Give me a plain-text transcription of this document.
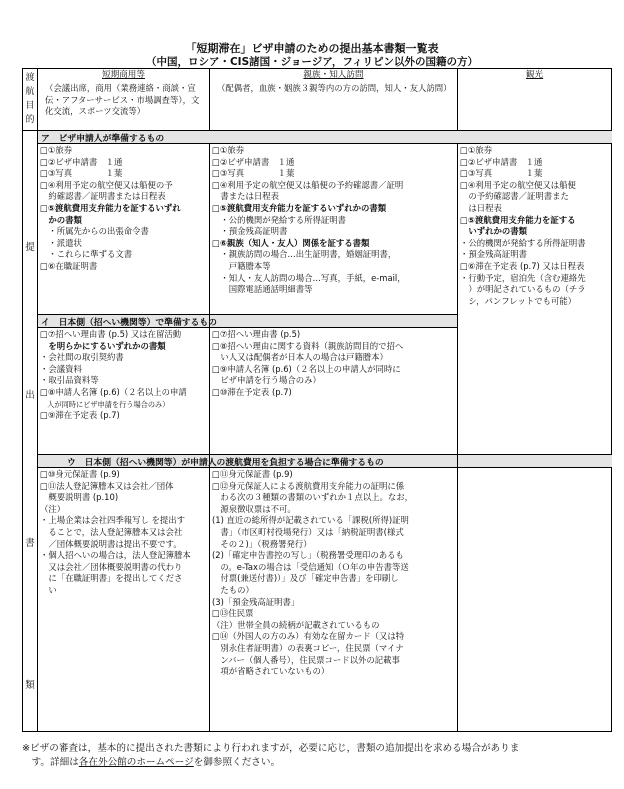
「短期滞在」ビザ申請のための提出基本書類一覧表
（中国，ロシア・CIS諸国・ジョージア，フィリピン以外の国籍の方）
渡
航
目
的
提
出
書
類
短期商用等
（会議出席，商用（業務連絡・商談・宣伝・アフターサービス・市場調査等），文化交流，スポーツ交流等）
親族・知人訪問
（配偶者，血族・姻族３親等内の方の訪問，知人・友人訪問）
観光
ア　ビザ申請人が準備するもの
イ　日本側（招へい機関等）で準備するもの
ウ　日本側（招へい機関等）が申請人の渡航費用を負担する場合に準備するもの
□①旅券
□②ビザ申請書　１通
□③写真　　　　１葉
□④利用予定の航空便又は船便の予
　約確認書／証明書または日程表
□⑤渡航費用支弁能力を証するいずれ
　かの書類
　・所属先からの出張命令書
　・派遣状
　・これらに準ずる文書
□⑥在職証明書
□①旅券
□②ビザ申請書　１通
□③写真　　　　１葉
□④利用予定の航空便又は船便の予約確認書／証明
　書または日程表
□⑤渡航費用支弁能力を証するいずれかの書類
　・公的機関が発給する所得証明書
　・預金残高証明書
□⑥親族（知人・友人）関係を証する書類
　・親族訪問の場合…出生証明書，婚姻証明書，
　　戸籍謄本等
　・知人・友人訪問の場合…写真，手紙，e-mail，
　　国際電話通話明細書等
□①旅券
□②ビザ申請書　１通
□③写真　　　　１葉
□④利用予定の航空便又は船便
　の予約確認書／証明書また
　は日程表
□⑤渡航費用支弁能力を証する
　いずれかの書類
・公的機関が発給する所得証明書
・預金残高証明書
□⑥滞在予定表 (p.7) 又は日程表
・行動予定，宿泊先（含む連絡先
　）が明記されているもの（チラ
　シ，パンフレットでも可能）
□⑦招へい理由書 (p.5) 又は在留活動
　を明らかにするいずれかの書類
・会社間の取引契約書
・会議資料
・取引品資料等
□⑧申請人名簿 (p.6)（２名以上の申請
　人が同時にビザ申請を行う場合のみ）
□⑨滞在予定表 (p.7)
□⑦招へい理由書 (p.5)
□⑧招へい理由に関する資料（親族訪問目的で招へ
　い人又は配偶者が日本人の場合は戸籍謄本）
□⑨申請人名簿 (p.6)（２名以上の申請人が同時に
　ビザ申請を行う場合のみ）
□⑩滞在予定表 (p.7)
□⑩身元保証書 (p.9)
□⑪法人登記簿謄本又は会社／団体
　概要説明書 (p.10)
（注）
・上場企業は会社四季報写し を提出す
　ることで，法人登記簿謄本又は会社
　／団体概要説明書は提出不要です。
・個人招へいの場合は，法人登記簿謄本
　又は会社／団体概要説明書の代わり
　に「在職証明書」を提出してくださ
　い
□⑪身元保証書 (p.9)
□⑫身元保証人による渡航費用支弁能力の証明に係
　わる次の３種類の書類のいずれか１点以上。なお，
　源泉徴収票は不可。
(1) 直近の総所得が記載されている「課税(所得)証明
　書」（市区町村役場発行）又は「納税証明書(様式
　その２)」（税務署発行）
(2)「確定申告書控の写し」（税務署受理印のあるも
　の。e-Taxの場合は「受信通知（Ｏ年の申告書等送
　付票(兼送付書)）」及び「確定申告書」を印刷し
　たもの）
(3)「預金残高証明書」
□⑬住民票
（注）世帯全員の続柄が記載されているもの
□⑭（外国人の方のみ）有効な在留カード（又は特
　別永住者証明書）の表裏コピー，住民票（マイナ
　ンバー（個人番号），住民票コード以外の記載事
　項が省略されていないもの）
※ビザの審査は，基本的に提出された書類により行われますが，必要に応じ，書類の追加提出を求める場合がありま
　す。詳細は各在外公館のホームページを御参照ください。
